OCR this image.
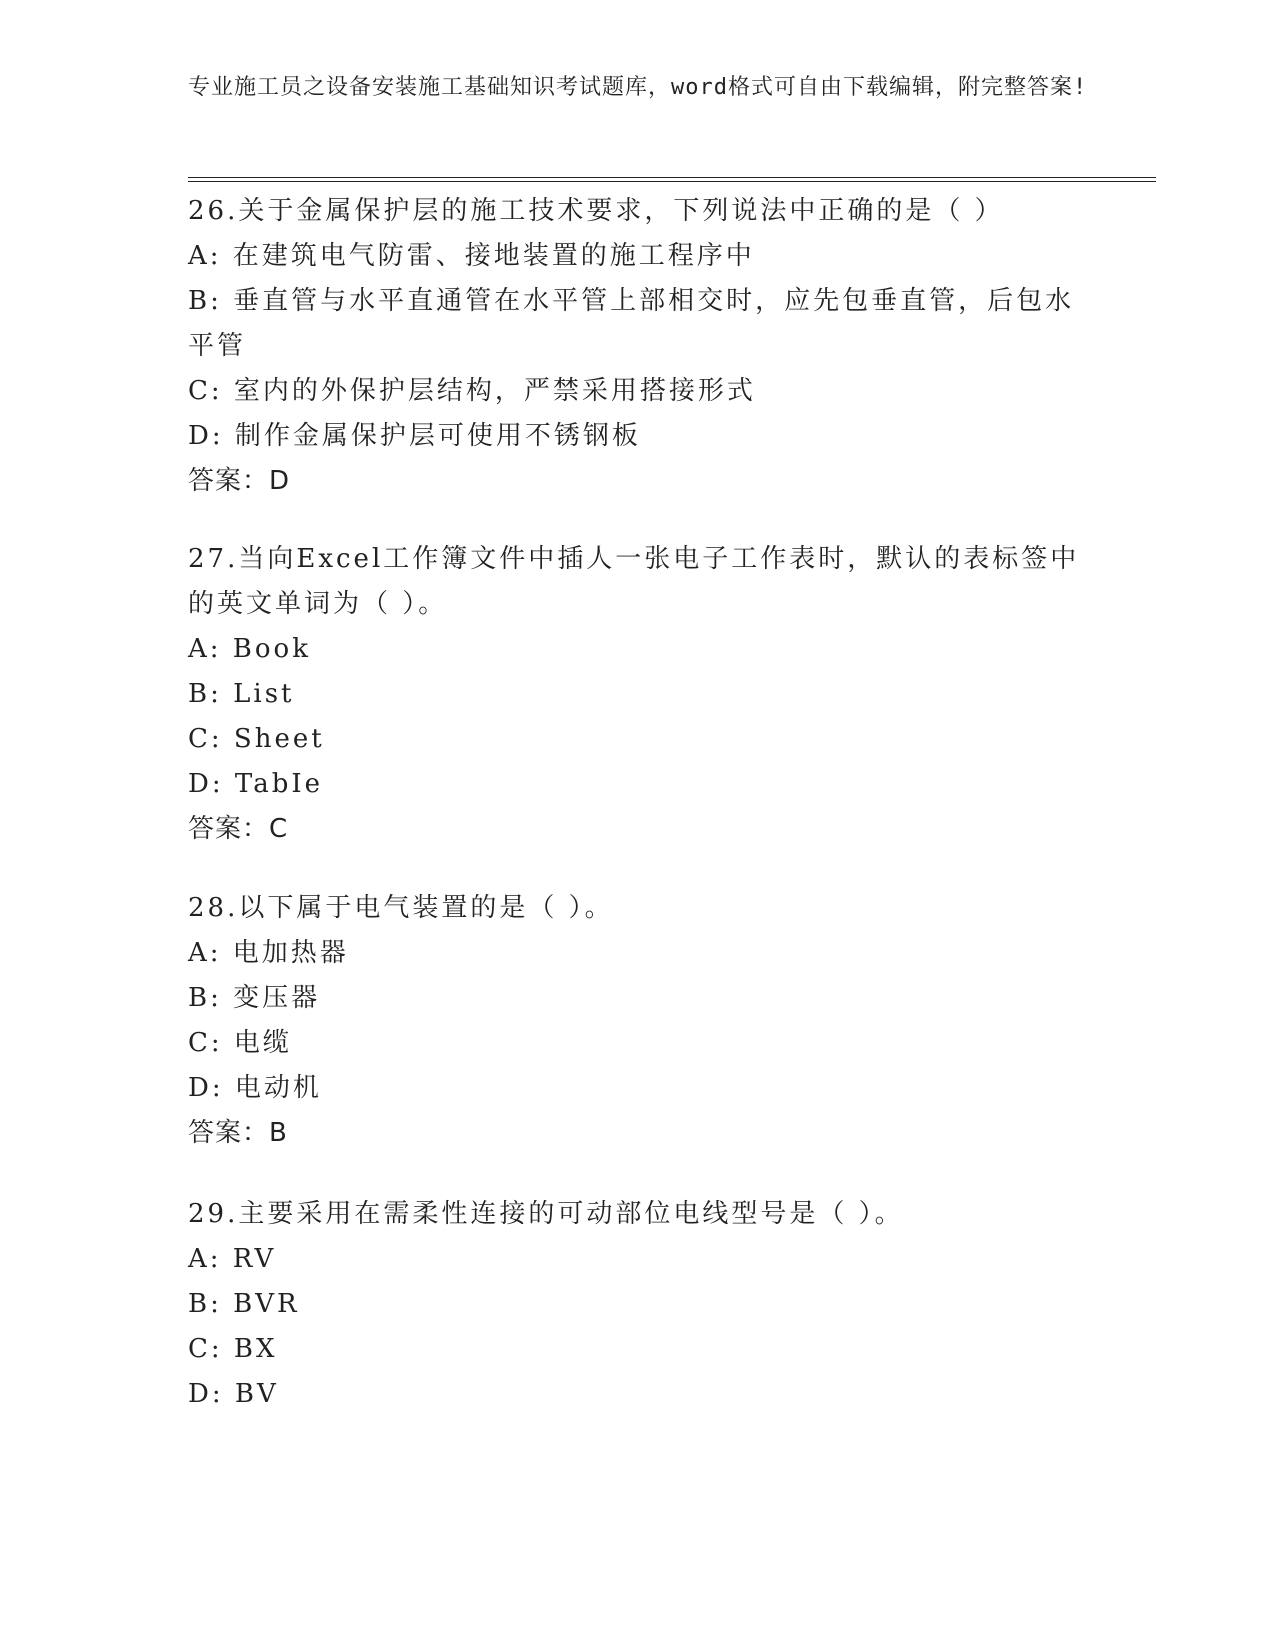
专业施工员之设备安装施工基础知识考试题库，word格式可自由下载编辑，附完整答案!
26.关于金属保护层的施工技术要求，下列说法中正确的是（ ）
A: 在建筑电气防雷、接地装置的施工程序中
B: 垂直管与水平直通管在水平管上部相交时，应先包垂直管，后包水平管
C: 室内的外保护层结构，严禁采用搭接形式
D: 制作金属保护层可使用不锈钢板
答案：D
27.当向Excel工作簿文件中插人一张电子工作表时，默认的表标签中的英文单词为（ ）。
A: Book
B: List
C: Sheet
D: TabIe
答案：C
28.以下属于电气装置的是（ ）。
A: 电加热器
B: 变压器
C: 电缆
D: 电动机
答案：B
29.主要采用在需柔性连接的可动部位电线型号是（ ）。
A: RV
B: BVR
C: BX
D: BV
